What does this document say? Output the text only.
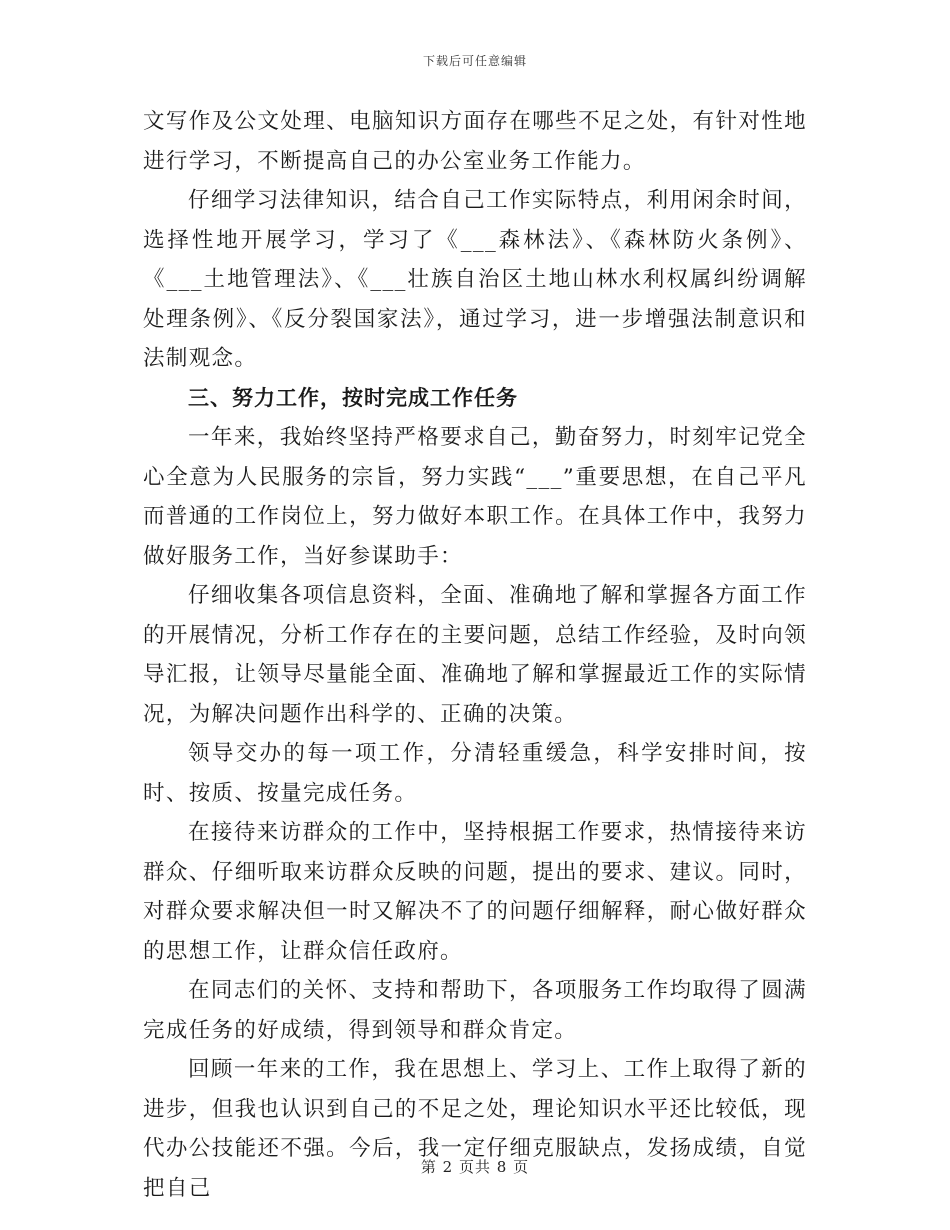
下载后可任意编辑

文写作及公文处理、电脑知识方面存在哪些不足之处，有针对性地进行学习，不断提高自己的办公室业务工作能力。

仔细学习法律知识，结合自己工作实际特点，利用闲余时间，选择性地开展学习，学习了《___森林法》、《森林防火条例》、《___土地管理法》、《___壮族自治区土地山林水利权属纠纷调解处理条例》、《反分裂国家法》，通过学习，进一步增强法制意识和法制观念。

三、努力工作，按时完成工作任务

一年来，我始终坚持严格要求自己，勤奋努力，时刻牢记党全心全意为人民服务的宗旨，努力实践“___”重要思想，在自己平凡而普通的工作岗位上，努力做好本职工作。在具体工作中，我努力做好服务工作，当好参谋助手：

仔细收集各项信息资料，全面、准确地了解和掌握各方面工作的开展情况，分析工作存在的主要问题，总结工作经验，及时向领导汇报，让领导尽量能全面、准确地了解和掌握最近工作的实际情况，为解决问题作出科学的、正确的决策。

领导交办的每一项工作，分清轻重缓急，科学安排时间，按时、按质、按量完成任务。

在接待来访群众的工作中，坚持根据工作要求，热情接待来访群众、仔细听取来访群众反映的问题，提出的要求、建议。同时，对群众要求解决但一时又解决不了的问题仔细解释，耐心做好群众的思想工作，让群众信任政府。

在同志们的关怀、支持和帮助下，各项服务工作均取得了圆满完成任务的好成绩，得到领导和群众肯定。

回顾一年来的工作，我在思想上、学习上、工作上取得了新的进步，但我也认识到自己的不足之处，理论知识水平还比较低，现代办公技能还不强。今后，我一定仔细克服缺点，发扬成绩，自觉把自己

第 2 页共 8 页
